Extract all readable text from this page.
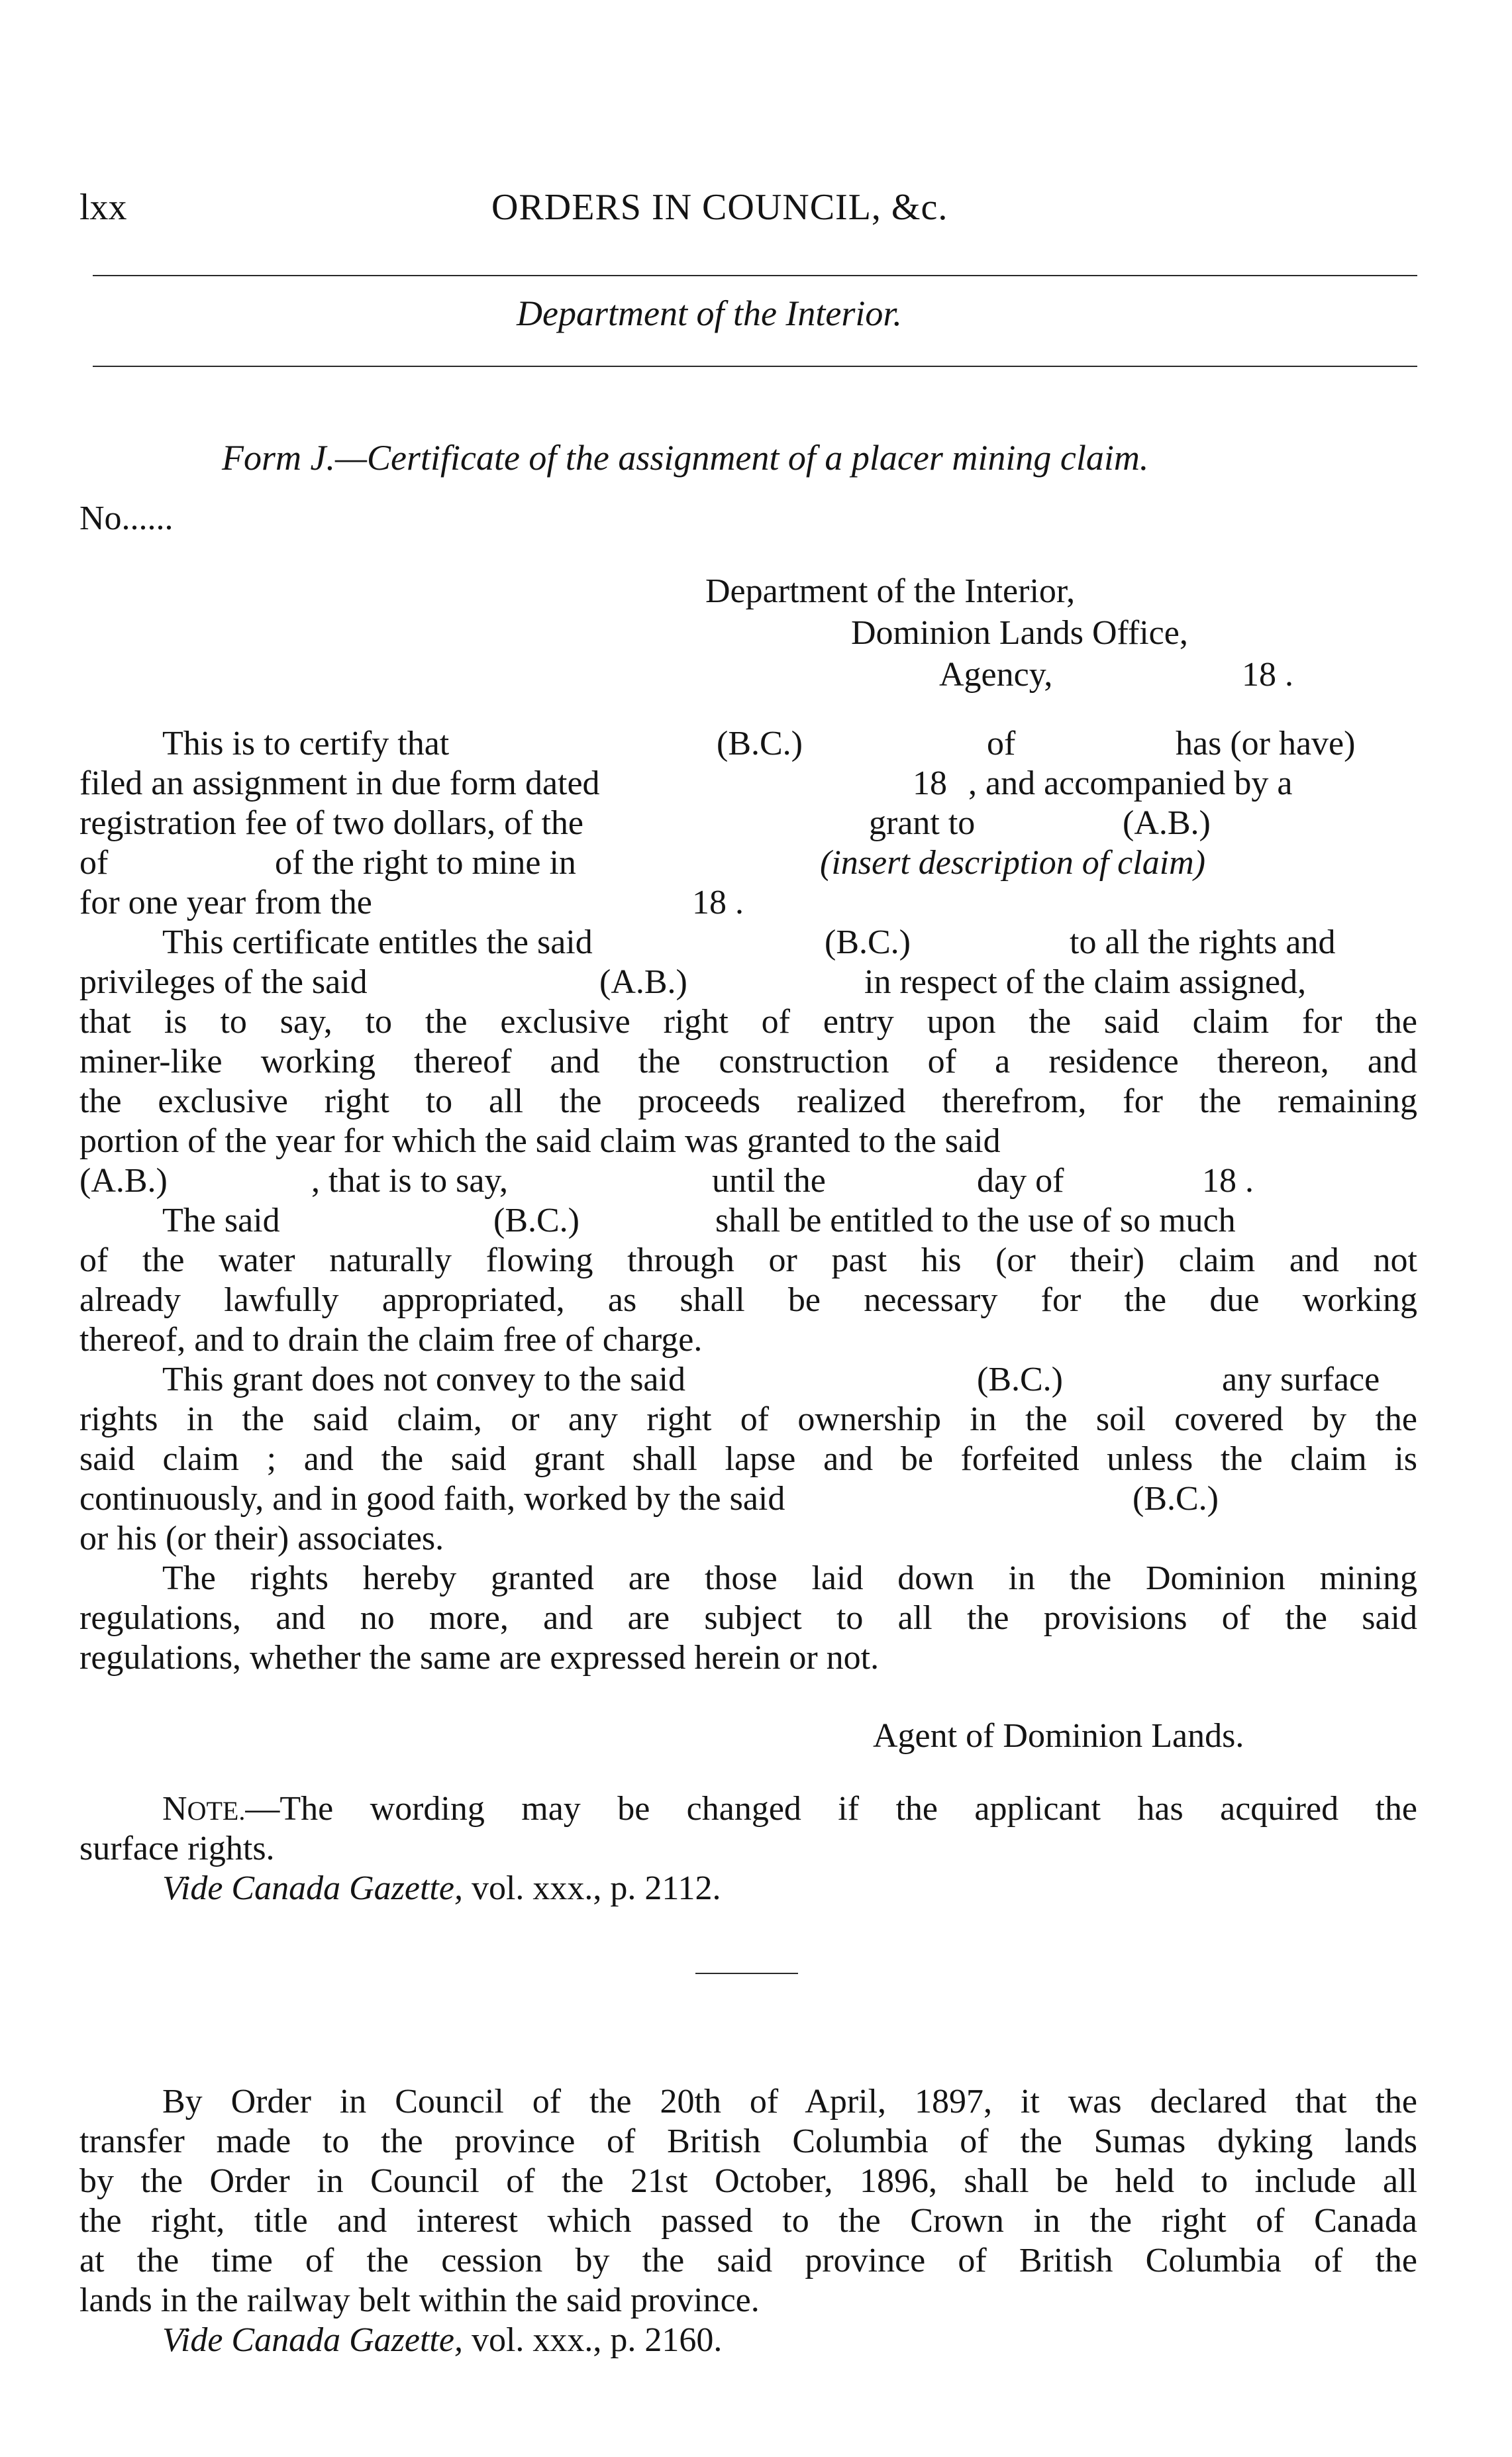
lxx	ORDERS IN COUNCIL, &c.
Department of the Interior.
Form J.—Certificate of the assignment of a placer mining claim.
No......
Department of the Interior,
Dominion Lands Office,
Agency,	18 .
This is to certify that	(B.C.)	of	has (or have)
filed an assignment in due form dated	18 , and accompanied by a
registration fee of two dollars, of the	grant to	(A.B.)
of	of the right to mine in	(insert description of claim)
for one year from the	18 .
This certificate entitles the said	(B.C.)	to all the rights and
privileges of the said	(A.B.)	in respect of the claim assigned,
that is to say, to the exclusive right of entry upon the said claim for the
miner-like working thereof and the construction of a residence thereon, and
the exclusive right to all the proceeds realized therefrom, for the remaining
portion of the year for which the said claim was granted to the said
(A.B.)	, that is to say,	until the	day of	18 .
The said	(B.C.)	shall be entitled to the use of so much
of the water naturally flowing through or past his (or their) claim and not
already lawfully appropriated, as shall be necessary for the due working
thereof, and to drain the claim free of charge.
This grant does not convey to the said	(B.C.)	any surface
rights in the said claim, or any right of ownership in the soil covered by the
said claim ; and the said grant shall lapse and be forfeited unless the claim is
continuously, and in good faith, worked by the said	(B.C.)
or his (or their) associates.
The rights hereby granted are those laid down in the Dominion mining
regulations, and no more, and are subject to all the provisions of the said
regulations, whether the same are expressed herein or not.
Agent of Dominion Lands.
NOTE. —The wording may be changed if the applicant has acquired the
surface rights.
Vide Canada Gazette, vol. xxx., p. 2112.
By Order in Council of the 20th of April, 1897, it was declared that the
transfer made to the province of British Columbia of the Sumas dyking lands
by the Order in Council of the 21st October, 1896, shall be held to include all
the right, title and interest which passed to the Crown in the right of Canada
at the time of the cession by the said province of British Columbia of the
lands in the railway belt within the said province.
Vide Canada Gazette, vol. xxx., p. 2160.
